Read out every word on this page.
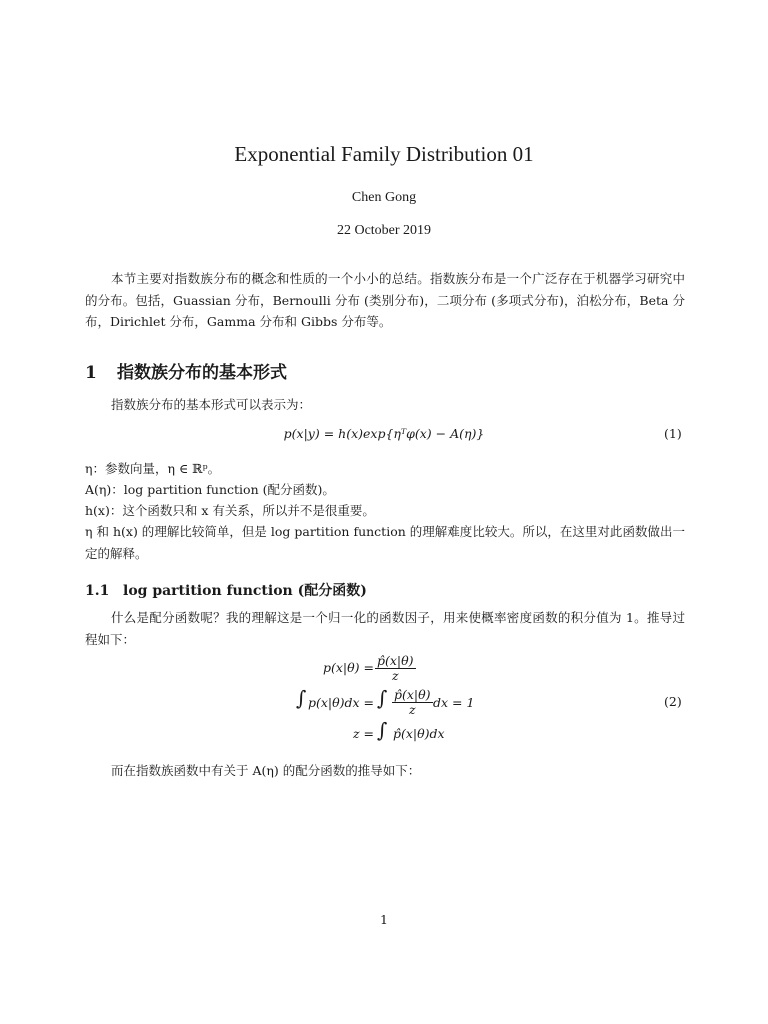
Exponential Family Distribution 01
Chen Gong
22 October 2019
本节主要对指数族分布的概念和性质的一个小小的总结。指数族分布是一个广泛存在于机器学习研究中的分布。包括，Guassian 分布，Bernoulli 分布 (类别分布)，二项分布 (多项式分布)，泊松分布，Beta 分布，Dirichlet 分布，Gamma 分布和 Gibbs 分布等。
1 指数族分布的基本形式
指数族分布的基本形式可以表示为：
p(x|y) = h(x)exp{ηᵀφ(x) − A(η)}	(1)
η：参数向量，η ∈ ℝᵖ。
A(η)：log partition function (配分函数)。
h(x)：这个函数只和 x 有关系，所以并不是很重要。
η 和 h(x) 的理解比较简单，但是 log partition function 的理解难度比较大。所以，在这里对此函数做出一定的解释。
1.1 log partition function (配分函数)
什么是配分函数呢？我的理解这是一个归一化的函数因子，用来使概率密度函数的积分值为 1。推导过程如下：
$p(x|\theta) = \frac{p̂(x|\theta)}{z}$
∫ p(x|θ)dx = ∫ $\frac{p̂(x|\theta)}{z}$ dx = 1	(2)
z = ∫ p̂(x|θ)dx
而在指数族函数中有关于 A(η) 的配分函数的推导如下：
1
